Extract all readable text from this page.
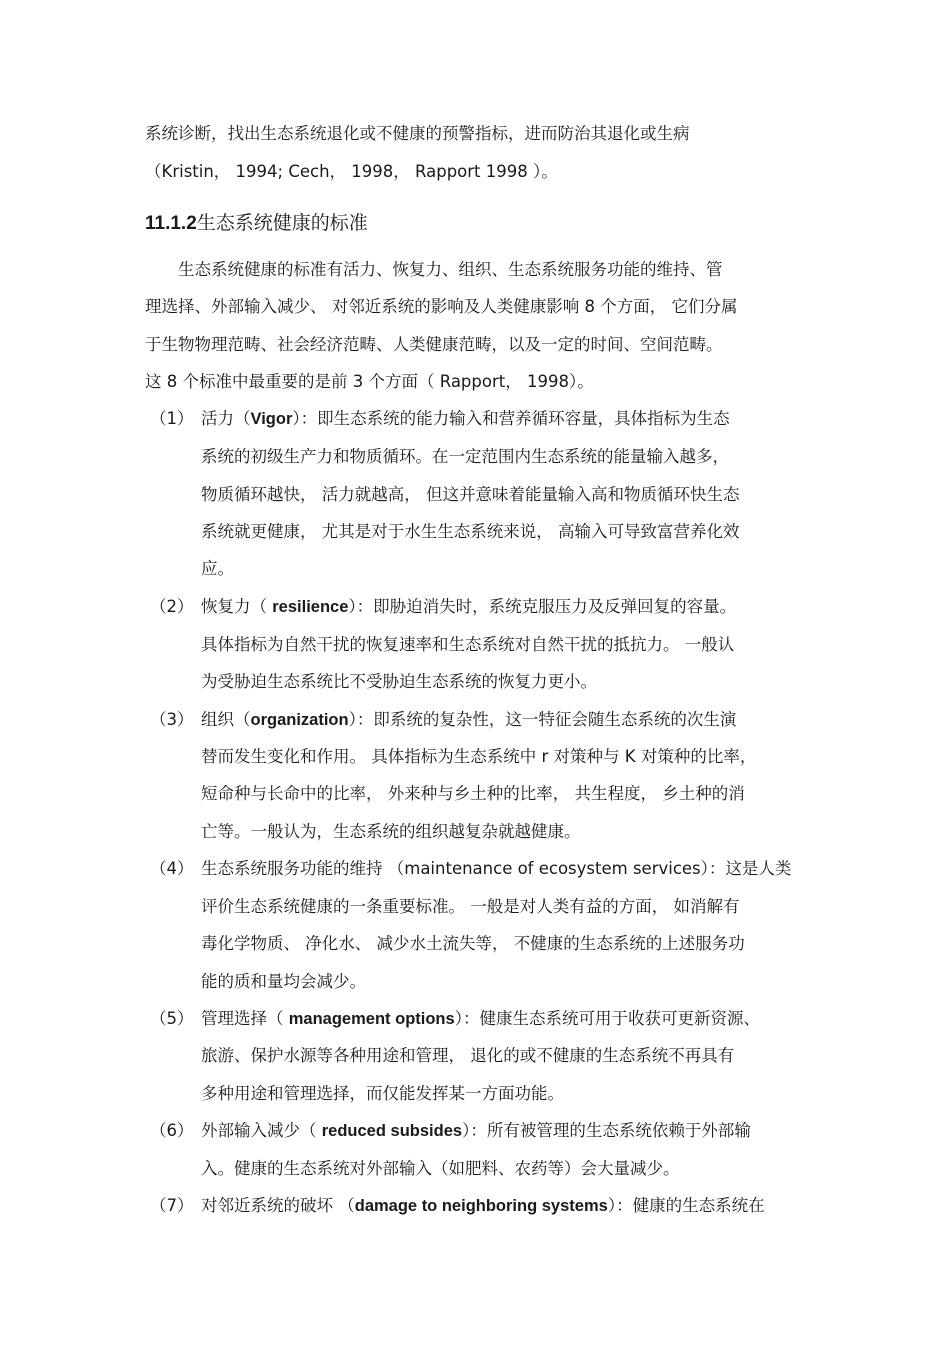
系统诊断，找出生态系统退化或不健康的预警指标，进而防治其退化或生病
（Kristin， 1994; Cech， 1998， Rapport 1998 ）。
11.1.2生态系统健康的标准
生态系统健康的标准有活力、恢复力、组织、生态系统服务功能的维持、管
理选择、外部输入减少、 对邻近系统的影响及人类健康影响 8 个方面， 它们分属
于生物物理范畴、社会经济范畴、人类健康范畴，以及一定的时间、空间范畴。
这 8 个标准中最重要的是前 3 个方面（ Rapport， 1998）。
（1） 活力（Vigor）：即生态系统的能力输入和营养循环容量，具体指标为生态
系统的初级生产力和物质循环。在一定范围内生态系统的能量输入越多，
物质循环越快， 活力就越高， 但这并意味着能量输入高和物质循环快生态
系统就更健康， 尤其是对于水生生态系统来说， 高输入可导致富营养化效
应。
（2） 恢复力（ resilience）：即胁迫消失时，系统克服压力及反弹回复的容量。
具体指标为自然干扰的恢复速率和生态系统对自然干扰的抵抗力。 一般认
为受胁迫生态系统比不受胁迫生态系统的恢复力更小。
（3） 组织（organization）：即系统的复杂性，这一特征会随生态系统的次生演
替而发生变化和作用。 具体指标为生态系统中 r 对策种与 K 对策种的比率，
短命种与长命中的比率， 外来种与乡土种的比率， 共生程度， 乡土种的消
亡等。一般认为，生态系统的组织越复杂就越健康。
（4） 生态系统服务功能的维持 （maintenance of ecosystem services）：这是人类
评价生态系统健康的一条重要标准。 一般是对人类有益的方面， 如消解有
毒化学物质、 净化水、 减少水土流失等， 不健康的生态系统的上述服务功
能的质和量均会减少。
（5） 管理选择（ management options）：健康生态系统可用于收获可更新资源、
旅游、保护水源等各种用途和管理， 退化的或不健康的生态系统不再具有
多种用途和管理选择，而仅能发挥某一方面功能。
（6） 外部输入减少（ reduced subsides）：所有被管理的生态系统依赖于外部输
入。健康的生态系统对外部输入（如肥料、农药等）会大量减少。
（7） 对邻近系统的破坏 （damage to neighboring systems）：健康的生态系统在
